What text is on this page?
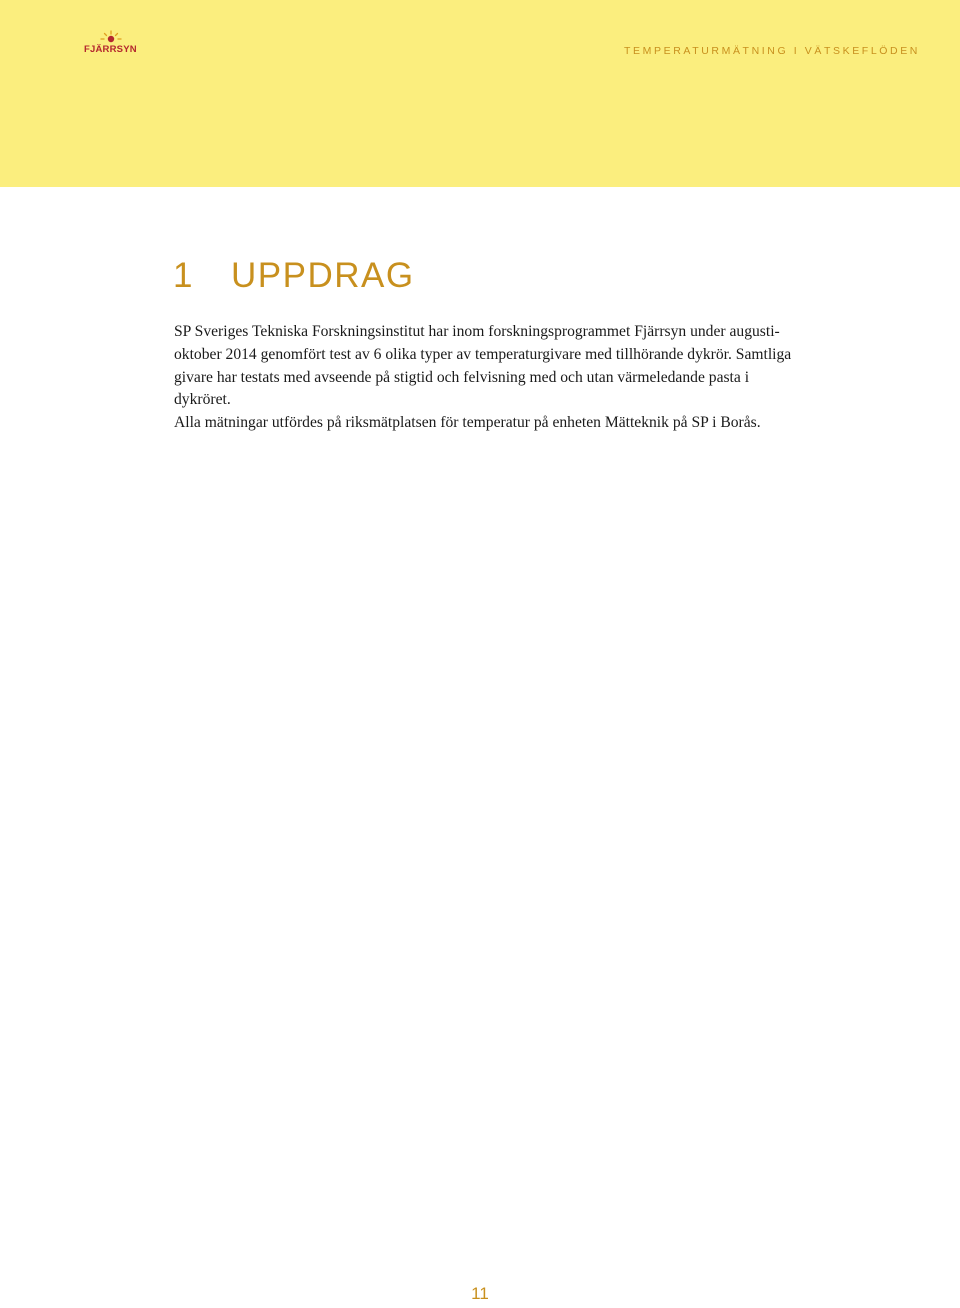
FJÄRRSYN	TEMPERATURMÄTNING I VÄTSKEFLÖDEN
1 UPPDRAG

SP Sveriges Tekniska Forskningsinstitut har inom forskningsprogrammet Fjärrsyn under augusti-oktober 2014 genomfört test av 6 olika typer av temperaturgivare med tillhörande dykrör. Samtliga givare har testats med avseende på stigtid och felvisning med och utan värmeledande pasta i dykröret.

Alla mätningar utfördes på riksmätplatsen för temperatur på enheten Mätteknik på SP i Borås.

11
